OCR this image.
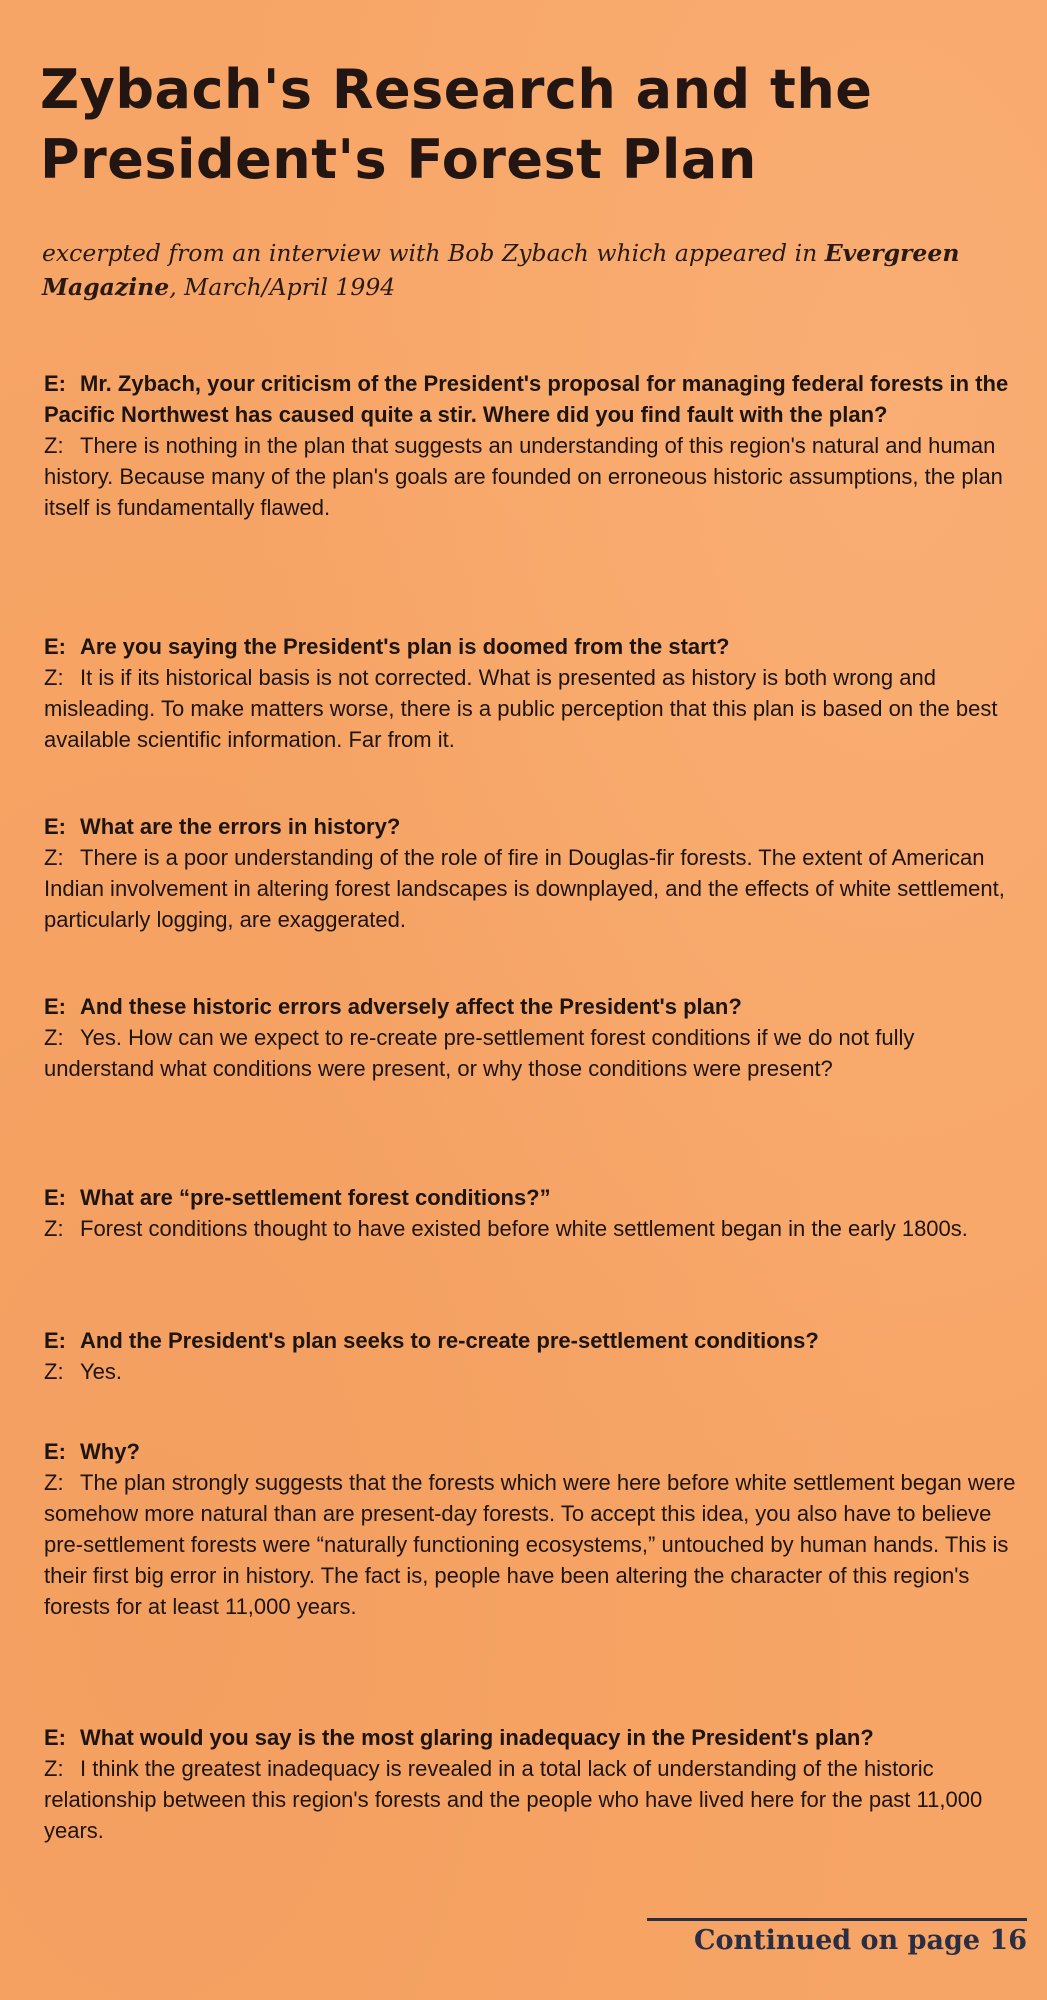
Zybach's Research and the
President's Forest Plan
excerpted from an interview with Bob Zybach which appeared in Evergreen Magazine, March/April 1994
E: Mr. Zybach, your criticism of the President's proposal for managing federal forests in the Pacific Northwest has caused quite a stir. Where did you find fault with the plan?
Z: There is nothing in the plan that suggests an understanding of this region's natural and human history. Because many of the plan's goals are founded on erroneous historic assumptions, the plan itself is fundamentally flawed.
E: Are you saying the President's plan is doomed from the start?
Z: It is if its historical basis is not corrected. What is presented as history is both wrong and misleading. To make matters worse, there is a public perception that this plan is based on the best available scientific information. Far from it.
E: What are the errors in history?
Z: There is a poor understanding of the role of fire in Douglas-fir forests. The extent of American Indian involvement in altering forest landscapes is downplayed, and the effects of white settlement, particularly logging, are exaggerated.
E: And these historic errors adversely affect the President's plan?
Z: Yes. How can we expect to re-create pre-settlement forest conditions if we do not fully understand what conditions were present, or why those conditions were present?
E: What are “pre-settlement forest conditions?”
Z: Forest conditions thought to have existed before white settlement began in the early 1800s.
E: And the President's plan seeks to re-create pre-settlement conditions?
Z: Yes.
E: Why?
Z: The plan strongly suggests that the forests which were here before white settlement began were somehow more natural than are present-day forests. To accept this idea, you also have to believe pre-settlement forests were “naturally functioning ecosystems,” untouched by human hands. This is their first big error in history. The fact is, people have been altering the character of this region's forests for at least 11,000 years.
E: What would you say is the most glaring inadequacy in the President's plan?
Z: I think the greatest inadequacy is revealed in a total lack of understanding of the historic relationship between this region's forests and the people who have lived here for the past 11,000 years.
Continued on page 16
